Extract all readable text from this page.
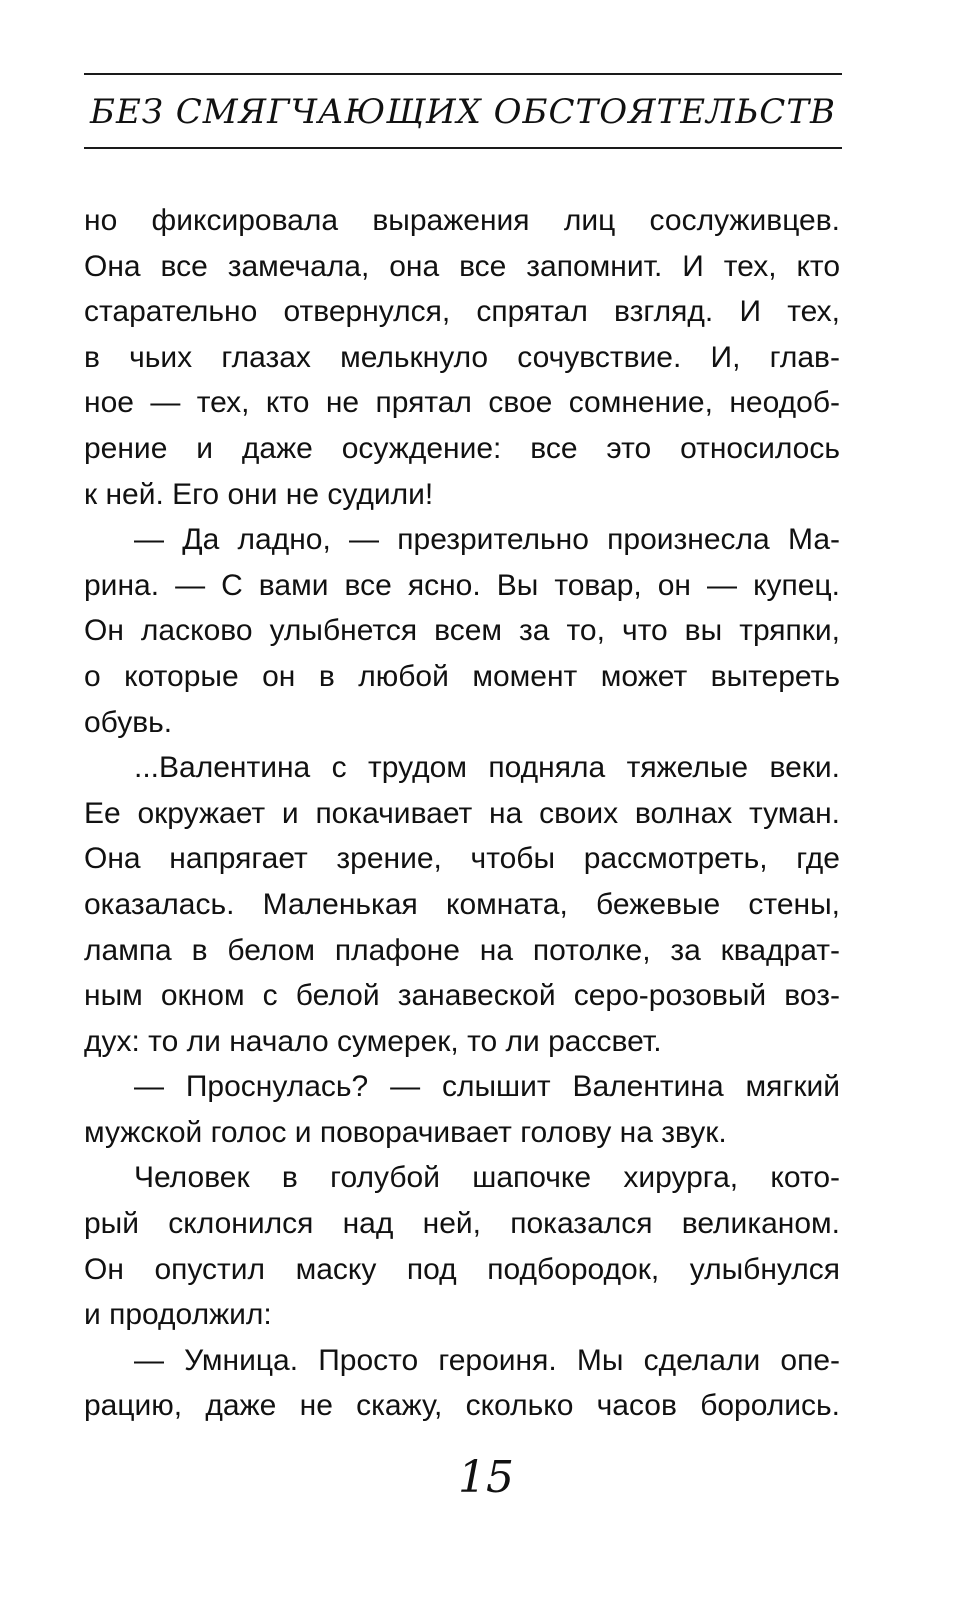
БЕЗ СМЯГЧАЮЩИХ ОБСТОЯТЕЛЬСТВ
но фиксировала выражения лиц сослуживцев.
Она все замечала, она все запомнит. И тех, кто
старательно отвернулся, спрятал взгляд. И тех,
в чьих глазах мелькнуло сочувствие. И, глав-
ное — тех, кто не прятал свое сомнение, неодоб-
рение и даже осуждение: все это относилось
к ней. Его они не судили!
— Да ладно, — презрительно произнесла Ма-
рина. — С вами все ясно. Вы товар, он — купец.
Он ласково улыбнется всем за то, что вы тряпки,
о которые он в любой момент может вытереть
обувь.
...Валентина с трудом подняла тяжелые веки.
Ее окружает и покачивает на своих волнах туман.
Она напрягает зрение, чтобы рассмотреть, где
оказалась. Маленькая комната, бежевые стены,
лампа в белом плафоне на потолке, за квадрат-
ным окном с белой занавеской серо-розовый воз-
дух: то ли начало сумерек, то ли рассвет.
— Проснулась? — слышит Валентина мягкий
мужской голос и поворачивает голову на звук.
Человек в голубой шапочке хирурга, кото-
рый склонился над ней, показался великаном.
Он опустил маску под подбородок, улыбнулся
и продолжил:
— Умница. Просто героиня. Мы сделали опе-
рацию, даже не скажу, сколько часов боролись.
15
